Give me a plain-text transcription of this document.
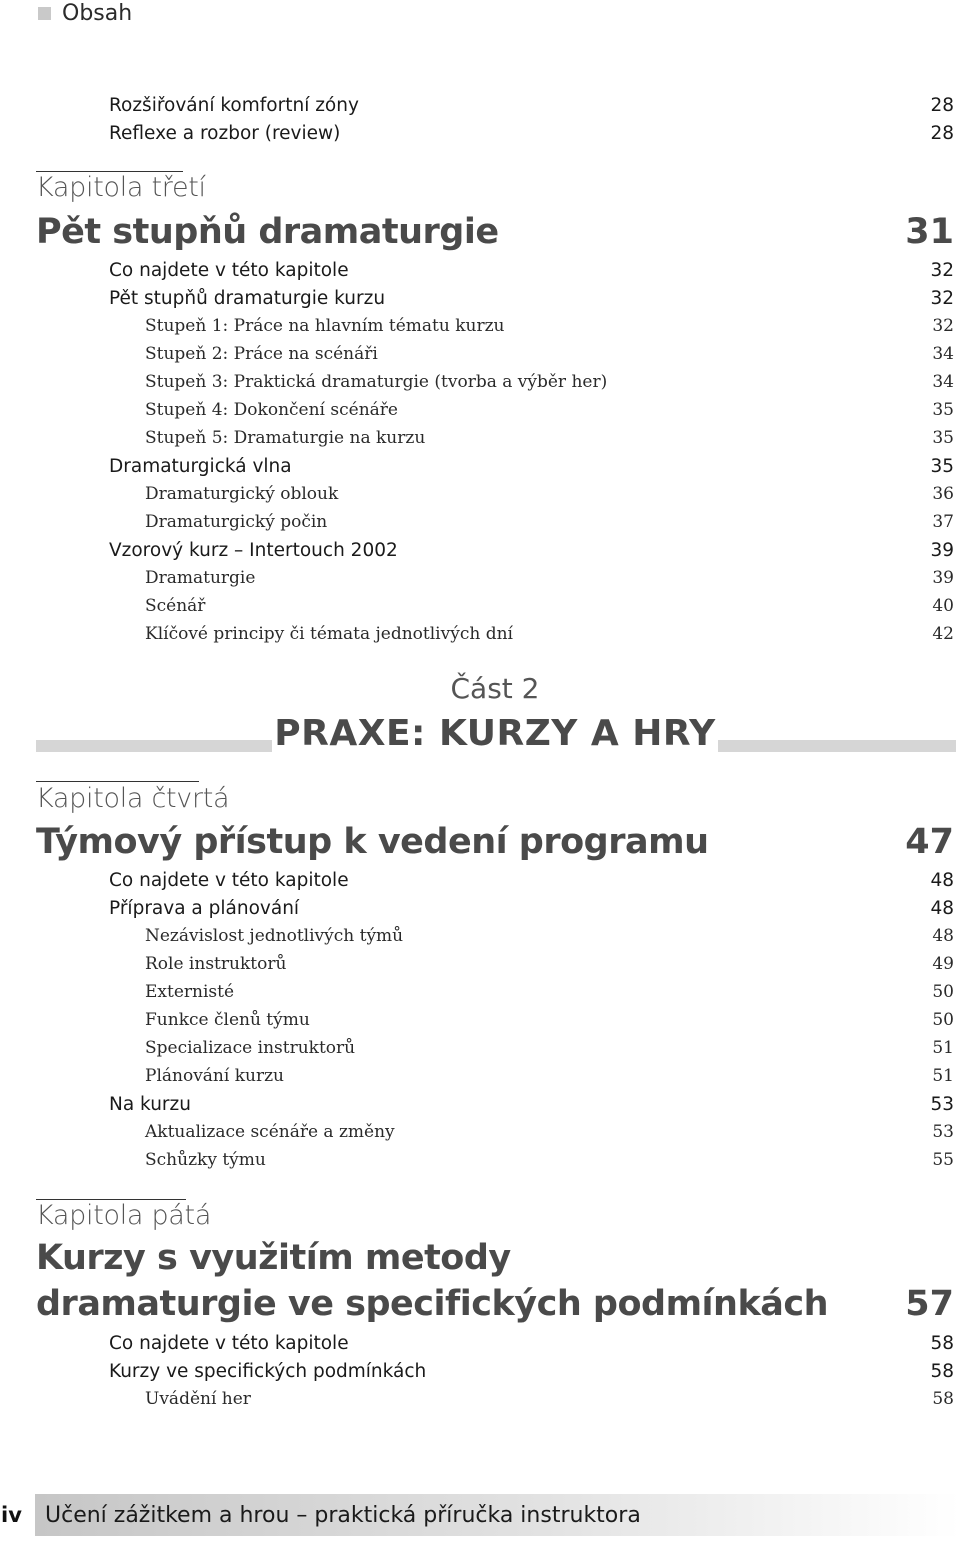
Obsah
Rozšiřování komfortní zóny	28
Reflexe a rozbor (review)	28
Kapitola třetí
Pět stupňů dramaturgie	31
Co najdete v této kapitole	32
Pět stupňů dramaturgie kurzu	32
Stupeň 1: Práce na hlavním tématu kurzu	32
Stupeň 2: Práce na scénáři	34
Stupeň 3: Praktická dramaturgie (tvorba a výběr her)	34
Stupeň 4: Dokončení scénáře	35
Stupeň 5: Dramaturgie na kurzu	35
Dramaturgická vlna	35
Dramaturgický oblouk	36
Dramaturgický počin	37
Vzorový kurz – Intertouch 2002	39
Dramaturgie	39
Scénář	40
Klíčové principy či témata jednotlivých dní	42
Část 2
PRAXE: KURZY A HRY
Kapitola čtvrtá
Týmový přístup k vedení programu	47
Co najdete v této kapitole	48
Příprava a plánování	48
Nezávislost jednotlivých týmů	48
Role instruktorů	49
Externisté	50
Funkce členů týmu	50
Specializace instruktorů	51
Plánování kurzu	51
Na kurzu	53
Aktualizace scénáře a změny	53
Schůzky týmu	55
Kapitola pátá
Kurzy s využitím metody
dramaturgie ve specifických podmínkách	57
Co najdete v této kapitole	58
Kurzy ve specifických podmínkách	58
Uvádění her	58
iv	Učení zážitkem a hrou – praktická příručka instruktora
